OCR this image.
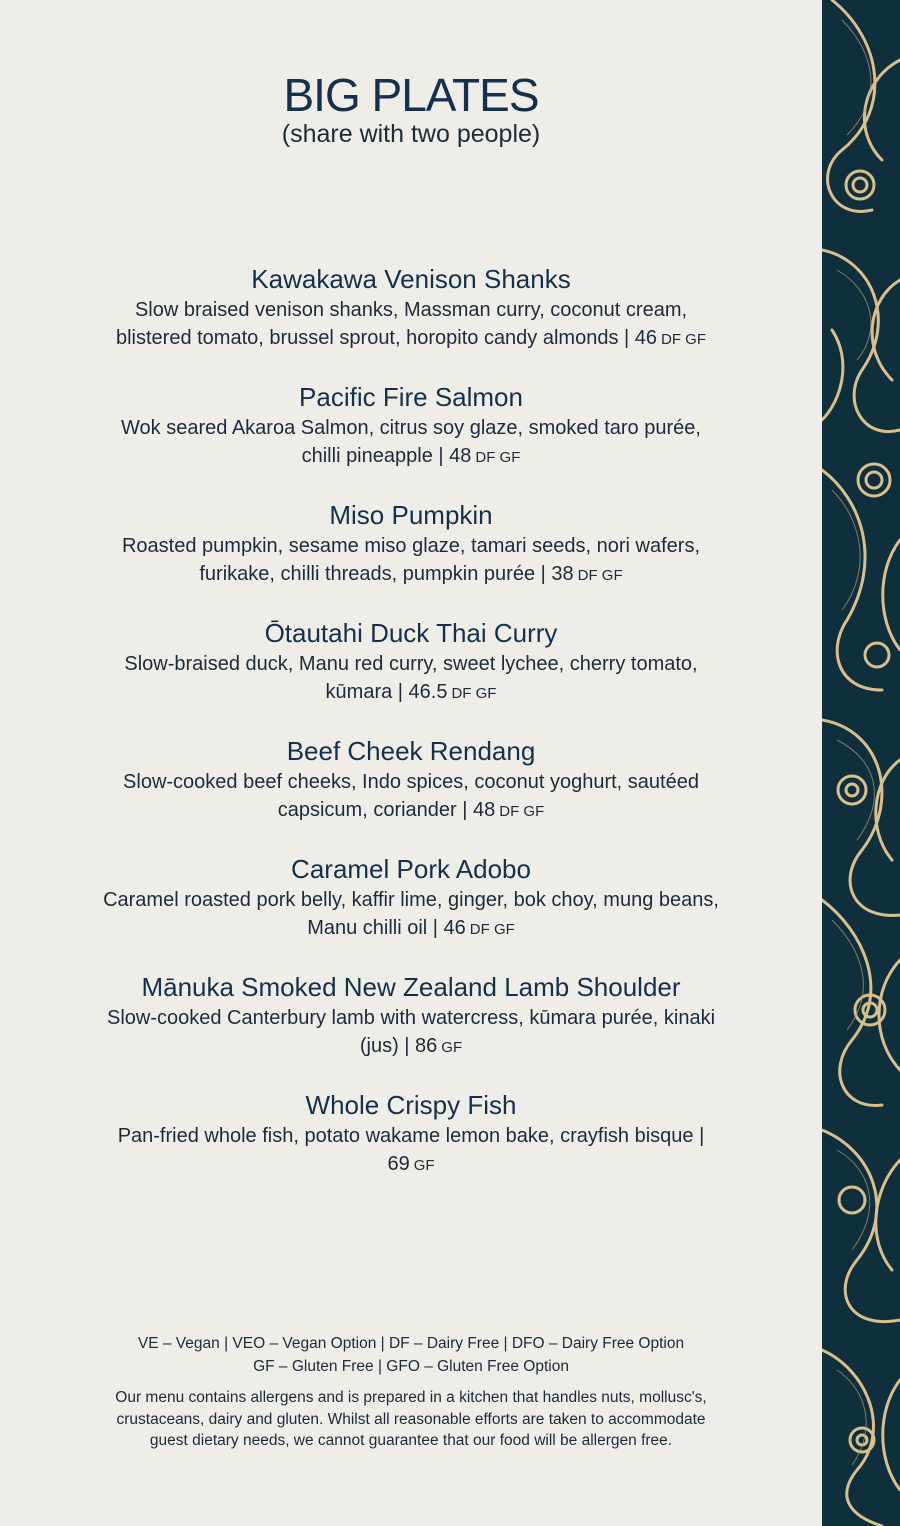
BIG PLATES
(share with two people)
Kawakawa Venison Shanks
Slow braised venison shanks, Massman curry, coconut cream, blistered tomato, brussel sprout, horopito candy almonds | 46 DF GF
Pacific Fire Salmon
Wok seared Akaroa Salmon, citrus soy glaze, smoked taro purée, chilli pineapple | 48 DF GF
Miso Pumpkin
Roasted pumpkin, sesame miso glaze, tamari seeds, nori wafers, furikake, chilli threads, pumpkin purée | 38 DF GF
Ōtautahi Duck Thai Curry
Slow-braised duck, Manu red curry, sweet lychee, cherry tomato, kūmara | 46.5 DF GF
Beef Cheek Rendang
Slow-cooked beef cheeks, Indo spices, coconut yoghurt, sautéed capsicum, coriander | 48 DF GF
Caramel Pork Adobo
Caramel roasted pork belly, kaffir lime, ginger, bok choy, mung beans, Manu chilli oil | 46 DF GF
Mānuka Smoked New Zealand Lamb Shoulder
Slow-cooked Canterbury lamb with watercress, kūmara purée, kinaki (jus) | 86 GF
Whole Crispy Fish
Pan-fried whole fish, potato wakame lemon bake, crayfish bisque | 69 GF
VE – Vegan | VEO – Vegan Option | DF – Dairy Free | DFO – Dairy Free Option
GF – Gluten Free | GFO – Gluten Free Option
Our menu contains allergens and is prepared in a kitchen that handles nuts, mollusc's, crustaceans, dairy and gluten. Whilst all reasonable efforts are taken to accommodate guest dietary needs, we cannot guarantee that our food will be allergen free.
